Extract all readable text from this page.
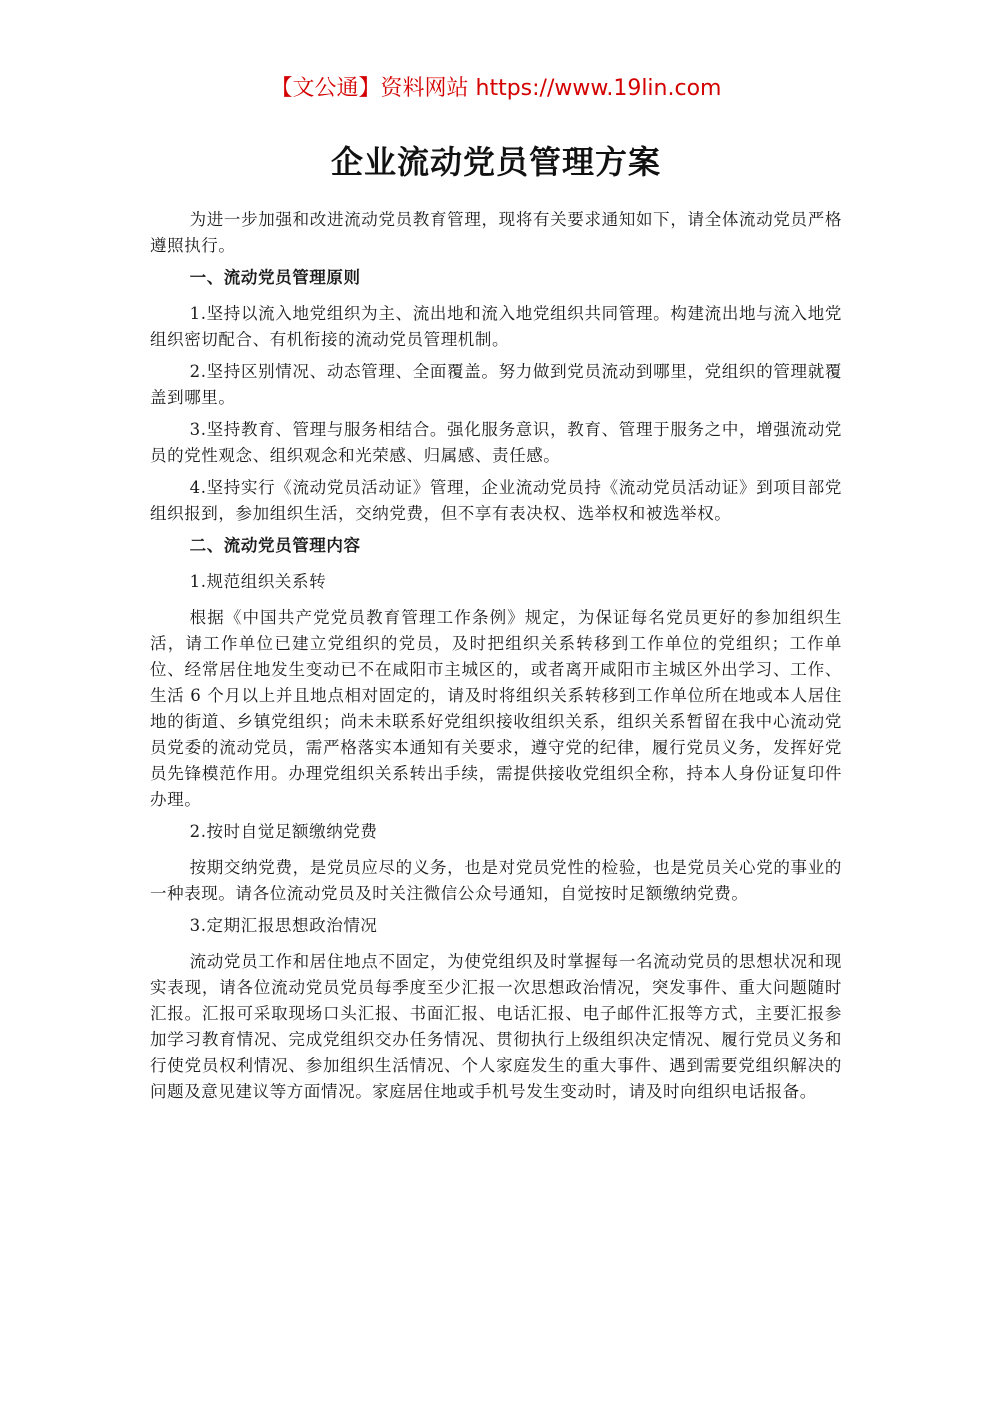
【文公通】资料网站 https://www.19lin.com
企业流动党员管理方案

为进一步加强和改进流动党员教育管理，现将有关要求通知如下，请全体流动党员严格遵照执行。

一、流动党员管理原则

1.坚持以流入地党组织为主、流出地和流入地党组织共同管理。构建流出地与流入地党组织密切配合、有机衔接的流动党员管理机制。

2.坚持区别情况、动态管理、全面覆盖。努力做到党员流动到哪里，党组织的管理就覆盖到哪里。

3.坚持教育、管理与服务相结合。强化服务意识，教育、管理于服务之中，增强流动党员的党性观念、组织观念和光荣感、归属感、责任感。

4.坚持实行《流动党员活动证》管理，企业流动党员持《流动党员活动证》到项目部党组织报到，参加组织生活，交纳党费，但不享有表决权、选举权和被选举权。

二、流动党员管理内容

1.规范组织关系转

根据《中国共产党党员教育管理工作条例》规定，为保证每名党员更好的参加组织生活，请工作单位已建立党组织的党员，及时把组织关系转移到工作单位的党组织；工作单位、经常居住地发生变动已不在咸阳市主城区的，或者离开咸阳市主城区外出学习、工作、生活 6 个月以上并且地点相对固定的，请及时将组织关系转移到工作单位所在地或本人居住地的街道、乡镇党组织；尚未未联系好党组织接收组织关系，组织关系暂留在我中心流动党员党委的流动党员，需严格落实本通知有关要求，遵守党的纪律，履行党员义务，发挥好党员先锋模范作用。办理党组织关系转出手续，需提供接收党组织全称，持本人身份证复印件办理。

2.按时自觉足额缴纳党费

按期交纳党费，是党员应尽的义务，也是对党员党性的检验，也是党员关心党的事业的一种表现。请各位流动党员及时关注微信公众号通知，自觉按时足额缴纳党费。

3.定期汇报思想政治情况

流动党员工作和居住地点不固定，为使党组织及时掌握每一名流动党员的思想状况和现实表现，请各位流动党员党员每季度至少汇报一次思想政治情况，突发事件、重大问题随时汇报。汇报可采取现场口头汇报、书面汇报、电话汇报、电子邮件汇报等方式，主要汇报参加学习教育情况、完成党组织交办任务情况、贯彻执行上级组织决定情况、履行党员义务和行使党员权利情况、参加组织生活情况、个人家庭发生的重大事件、遇到需要党组织解决的问题及意见建议等方面情况。家庭居住地或手机号发生变动时，请及时向组织电话报备。
